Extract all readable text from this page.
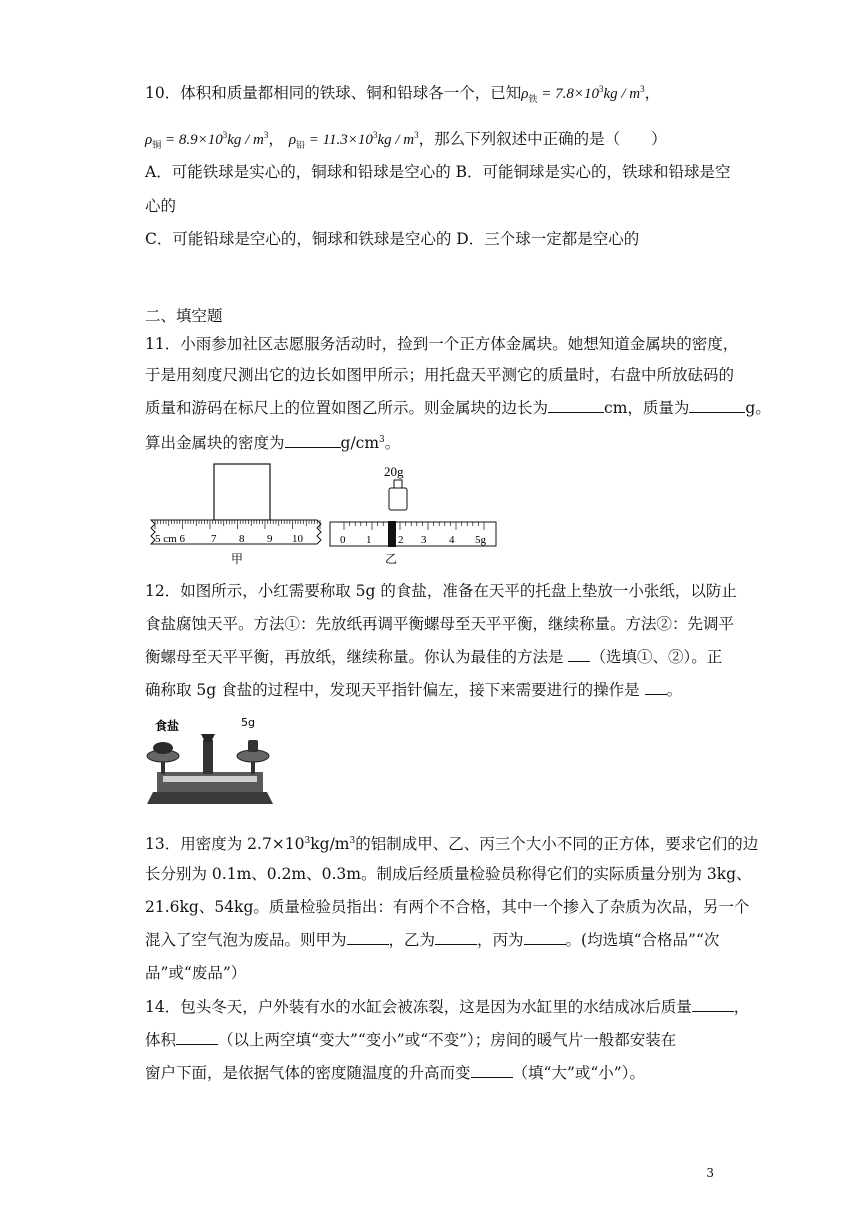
10．体积和质量都相同的铁球、铜和铅球各一个，已知$\rho_铁 = 7.8\times 10^3kg / m^3$，
$\rho_铜 = 8.9\times 10^3kg / m^3$， $\rho_铅 = 11.3\times 10^3kg / m^3$，那么下列叙述中正确的是（　　）
A．可能铁球是实心的，铜球和铅球是空心的 B．可能铜球是实心的，铁球和铅球是空
心的
C．可能铅球是空心的，铜球和铁球是空心的 D．三个球一定都是空心的
二、填空题
11．小雨参加社区志愿服务活动时，捡到一个正方体金属块。她想知道金属块的密度，
于是用刻度尺测出它的边长如图甲所示；用托盘天平测它的质量时，右盘中所放砝码的
质量和游码在标尺上的位置如图乙所示。则金属块的边长为	cm，质量为	g。
算出金属块的密度为	$g/cm^3$。
5 cm 6 7 8 9 10
甲
20g
0 1 2 3 4 5g
乙
12．如图所示，小红需要称取 5g 的食盐，准备在天平的托盘上垫放一小张纸，以防止
食盐腐蚀天平。方法①：先放纸再调平衡螺母至天平平衡，继续称量。方法②：先调平
衡螺母至天平平衡，再放纸，继续称量。你认为最佳的方法是 （选填①、②）。正
确称取 5g 食盐的过程中，发现天平指针偏左，接下来需要进行的操作是 。
食盐	5g
13．用密度为 $2.7\times 10^3kg/m^3$的铝制成甲、乙、丙三个大小不同的正方体，要求它们的边
长分别为 0.1m、0.2m、0.3m。制成后经质量检验员称得它们的实际质量分别为 3kg、
21.6kg、54kg。质量检验员指出：有两个不合格，其中一个掺入了杂质为次品，另一个
混入了空气泡为废品。则甲为	，乙为	，丙为	。(均选填“合格品”“次
品”或“废品”）
14．包头冬天，户外装有水的水缸会被冻裂，这是因为水缸里的水结成冰后质量	，
体积	（以上两空填“变大”“变小”或“不变”）；房间的暖气片一般都安装在
窗户下面，是依据气体的密度随温度的升高而变	（填“大”或“小”）。
3
